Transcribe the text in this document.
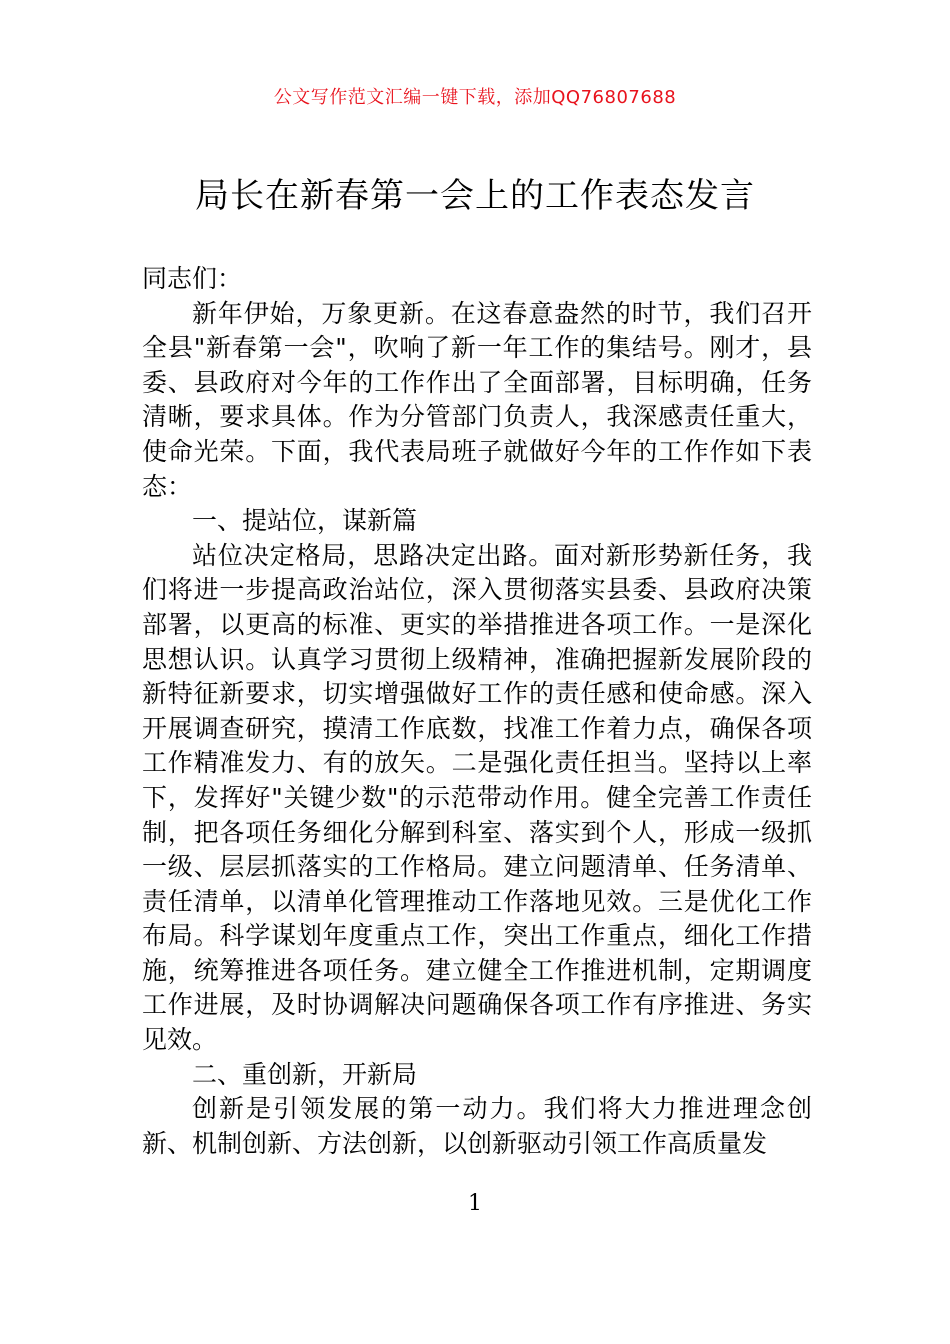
公文写作范文汇编一键下载，添加QQ76807688
局长在新春第一会上的工作表态发言

同志们：

新年伊始，万象更新。在这春意盎然的时节，我们召开全县"新春第一会"，吹响了新一年工作的集结号。刚才，县委、县政府对今年的工作作出了全面部署，目标明确，任务清晰，要求具体。作为分管部门负责人，我深感责任重大，使命光荣。下面，我代表局班子就做好今年的工作作如下表态：

一、提站位，谋新篇

站位决定格局，思路决定出路。面对新形势新任务，我们将进一步提高政治站位，深入贯彻落实县委、县政府决策部署，以更高的标准、更实的举措推进各项工作。一是深化思想认识。认真学习贯彻上级精神，准确把握新发展阶段的新特征新要求，切实增强做好工作的责任感和使命感。深入开展调查研究，摸清工作底数，找准工作着力点，确保各项工作精准发力、有的放矢。二是强化责任担当。坚持以上率下，发挥好"关键少数"的示范带动作用。健全完善工作责任制，把各项任务细化分解到科室、落实到个人，形成一级抓一级、层层抓落实的工作格局。建立问题清单、任务清单、责任清单，以清单化管理推动工作落地见效。三是优化工作布局。科学谋划年度重点工作，突出工作重点，细化工作措施，统筹推进各项任务。建立健全工作推进机制，定期调度工作进展，及时协调解决问题确保各项工作有序推进、务实见效。

二、重创新，开新局

创新是引领发展的第一动力。我们将大力推进理念创新、机制创新、方法创新，以创新驱动引领工作高质量发

1
